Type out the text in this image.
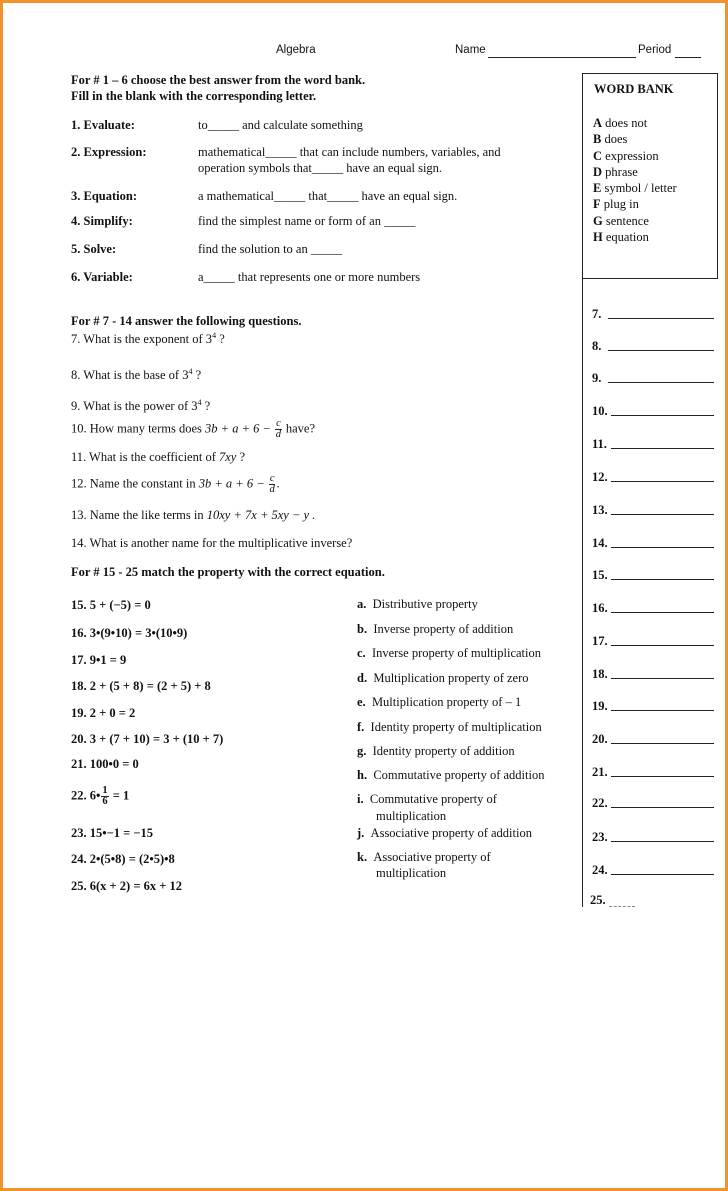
Algebra	Name	Period
For # 1 – 6 choose the best answer from the word bank.
Fill in the blank with the corresponding letter.
1. Evaluate:	to_____ and calculate something
2. Expression:	mathematical_____ that can include numbers, variables, and
operation symbols that_____ have an equal sign.
3. Equation:	a mathematical_____ that_____ have an equal sign.
4. Simplify:	find the simplest name or form of an _____
5. Solve:	find the solution to an _____
6. Variable:	a_____ that represents one or more numbers
WORD BANK
A does not
B does
C expression
D phrase
E symbol / letter
F plug in
G sentence
H equation
For # 7 - 14 answer the following questions.
7. What is the exponent of $3^4$ ?
8. What is the base of $3^4$ ?
9. What is the power of $3^4$ ?
10. How many terms does $3b + a + 6 - \frac{c}{d}$ have?
11. What is the coefficient of 7xy ?
12. Name the constant in $3b + a + 6 - \frac{c}{d}$ .
13. Name the like terms in 10xy + 7x + 5xy − y .
14. What is another name for the multiplicative inverse?
For # 15 - 25 match the property with the correct equation.
15. 5 + (−5) = 0
16. 3•(9•10) = 3•(10•9)
17. 9•1 = 9
18. 2 + (5 + 8) = (2 + 5) + 8
19. 2 + 0 = 2
20. 3 + (7 + 10) = 3 + (10 + 7)
21. 100•0 = 0
22. 6• $\frac{1}{6} = 1$
23. 15•−1 = −15
24. 2•(5•8) = (2•5)•8
25. 6(x + 2) = 6x + 12
a. Distributive property
b. Inverse property of addition
c. Inverse property of multiplication
d. Multiplication property of zero
e. Multiplication property of – 1
f. Identity property of multiplication
g. Identity property of addition
h. Commutative property of addition
i. Commutative property of
multiplication
j. Associative property of addition
k. Associative property of
multiplication
7.
8.
9.
10.
11.
12.
13.
14.
15.
16.
17.
18.
19.
20.
21.
22.
23.
24.
25.
